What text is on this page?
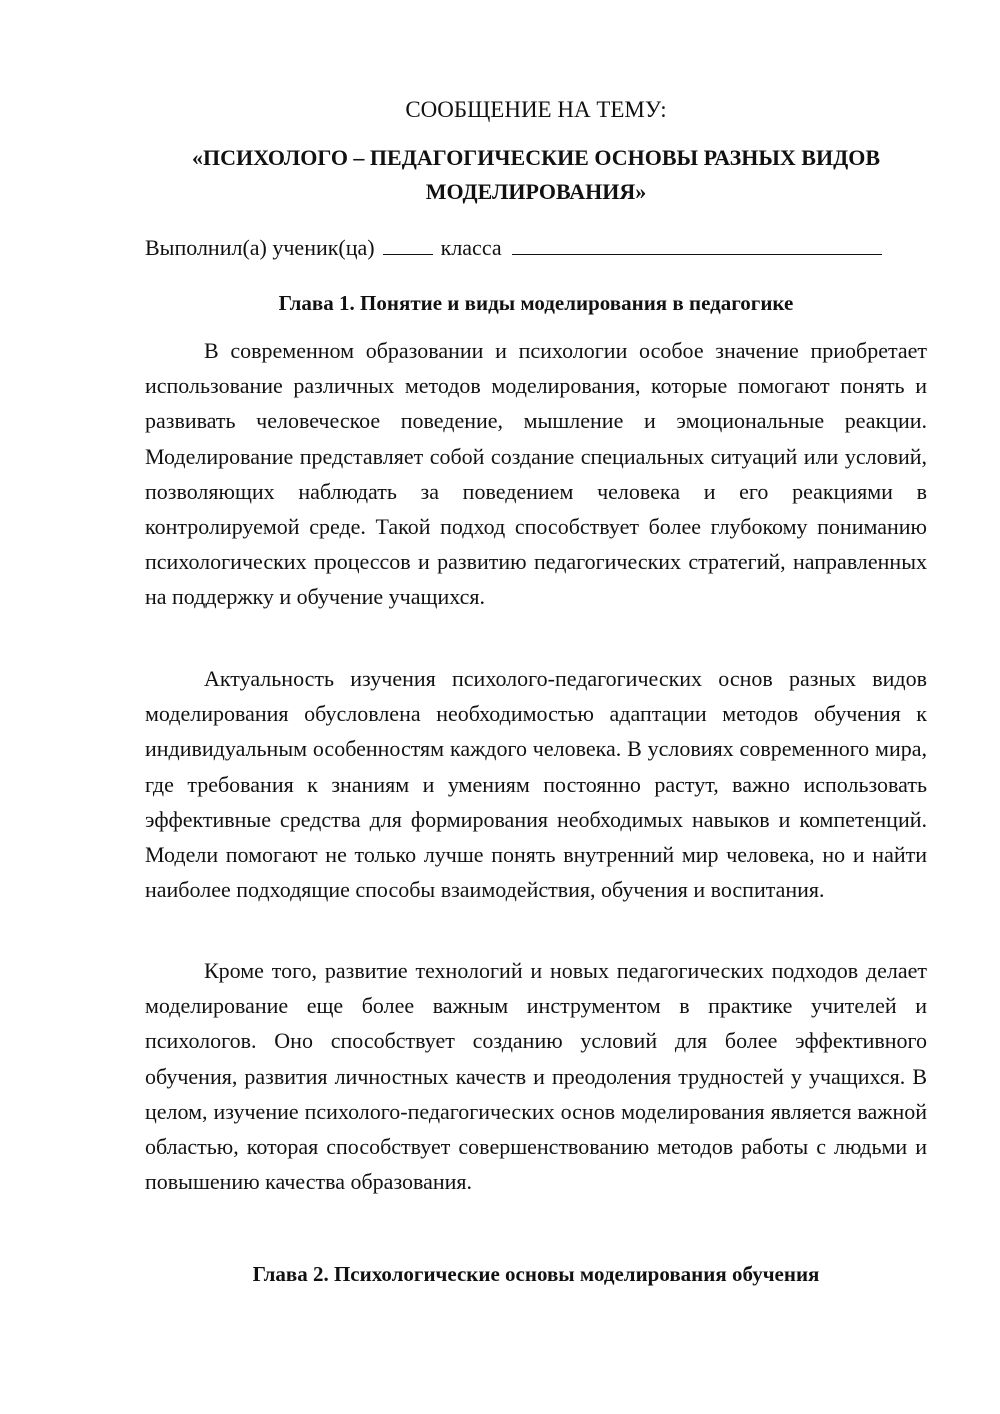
СООБЩЕНИЕ НА ТЕМУ:
«ПСИХОЛОГО – ПЕДАГОГИЧЕСКИЕ ОСНОВЫ РАЗНЫХ ВИДОВ
МОДЕЛИРОВАНИЯ»
Выполнил(а) ученик(ца)	класса
Глава 1. Понятие и виды моделирования в педагогике

В современном образовании и психологии особое значение приобретает использование различных методов моделирования, которые помогают понять и развивать человеческое поведение, мышление и эмоциональные реакции. Моделирование представляет собой создание специальных ситуаций или условий, позволяющих наблюдать за поведением человека и его реакциями в контролируемой среде. Такой подход способствует более глубокому пониманию психологических процессов и развитию педагогических стратегий, направленных на поддержку и обучение учащихся.

Актуальность изучения психолого-педагогических основ разных видов моделирования обусловлена необходимостью адаптации методов обучения к индивидуальным особенностям каждого человека. В условиях современного мира, где требования к знаниям и умениям постоянно растут, важно использовать эффективные средства для формирования необходимых навыков и компетенций. Модели помогают не только лучше понять внутренний мир человека, но и найти наиболее подходящие способы взаимодействия, обучения и воспитания.

Кроме того, развитие технологий и новых педагогических подходов делает моделирование еще более важным инструментом в практике учителей и психологов. Оно способствует созданию условий для более эффективного обучения, развития личностных качеств и преодоления трудностей у учащихся. В целом, изучение психолого-педагогических основ моделирования является важной областью, которая способствует совершенствованию методов работы с людьми и повышению качества образования.

Глава 2. Психологические основы моделирования обучения
